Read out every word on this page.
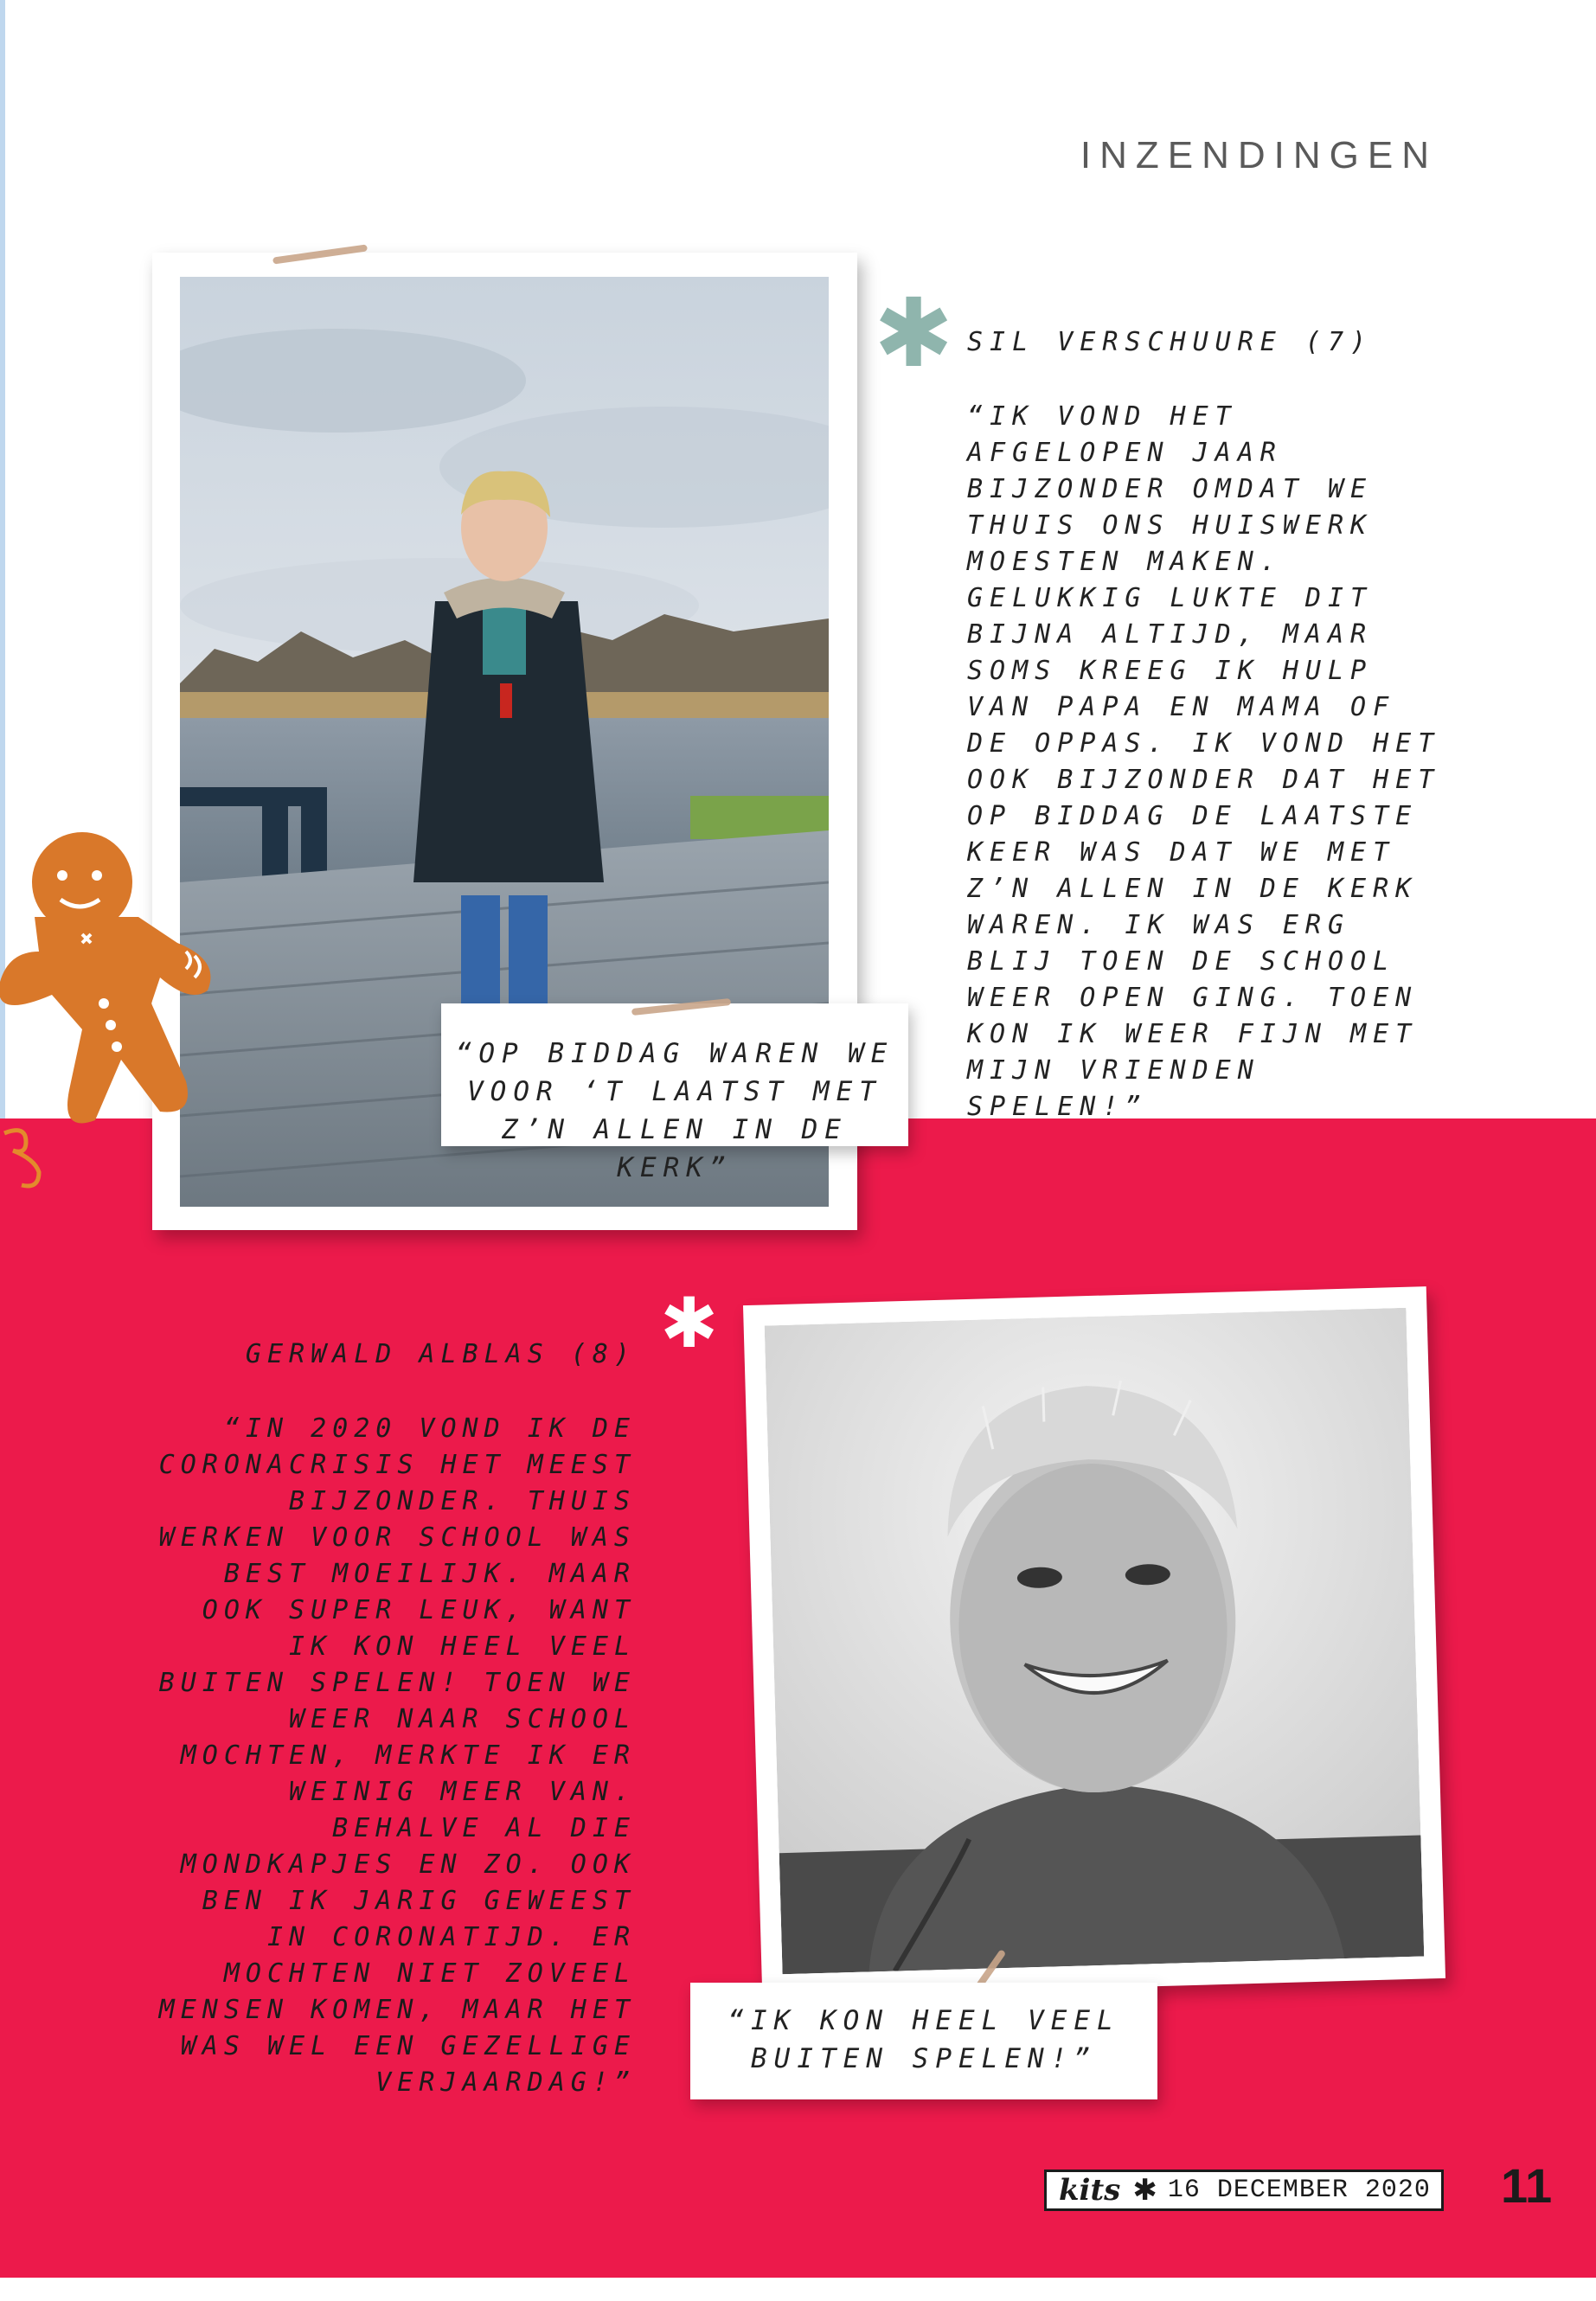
INZENDINGEN
“OP BIDDAG WAREN WE VOOR ‘T LAATST MET Z’N ALLEN IN DE KERK”
✱ SIL VERSCHUURE (7)
“IK VOND HET AFGELOPEN JAAR BIJZONDER OMDAT WE THUIS ONS HUISWERK MOESTEN MAKEN. GELUKKIG LUKTE DIT BIJNA ALTIJD, MAAR SOMS KREEG IK HULP VAN PAPA EN MAMA OF DE OPPAS. IK VOND HET OOK BIJZONDER DAT HET OP BIDDAG DE LAATSTE KEER WAS DAT WE MET Z’N ALLEN IN DE KERK WAREN. IK WAS ERG BLIJ TOEN DE SCHOOL WEER OPEN GING. TOEN KON IK WEER FIJN MET MIJN VRIENDEN SPELEN!”
✱
GERWALD ALBLAS (8)
“IN 2020 VOND IK DE CORONACRISIS HET MEEST BIJZONDER. THUIS WERKEN VOOR SCHOOL WAS BEST MOEILIJK. MAAR OOK SUPER LEUK, WANT IK KON HEEL VEEL BUITEN SPELEN! TOEN WE WEER NAAR SCHOOL MOCHTEN, MERKTE IK ER WEINIG MEER VAN. BEHALVE AL DIE MONDKAPJES EN ZO. OOK BEN IK JARIG GEWEEST IN CORONATIJD. ER MOCHTEN NIET ZOVEEL MENSEN KOMEN, MAAR HET WAS WEL EEN GEZELLIGE VERJAARDAG!”
“IK KON HEEL VEEL BUITEN SPELEN!”
kits ✱ 16 DECEMBER 2020 11
